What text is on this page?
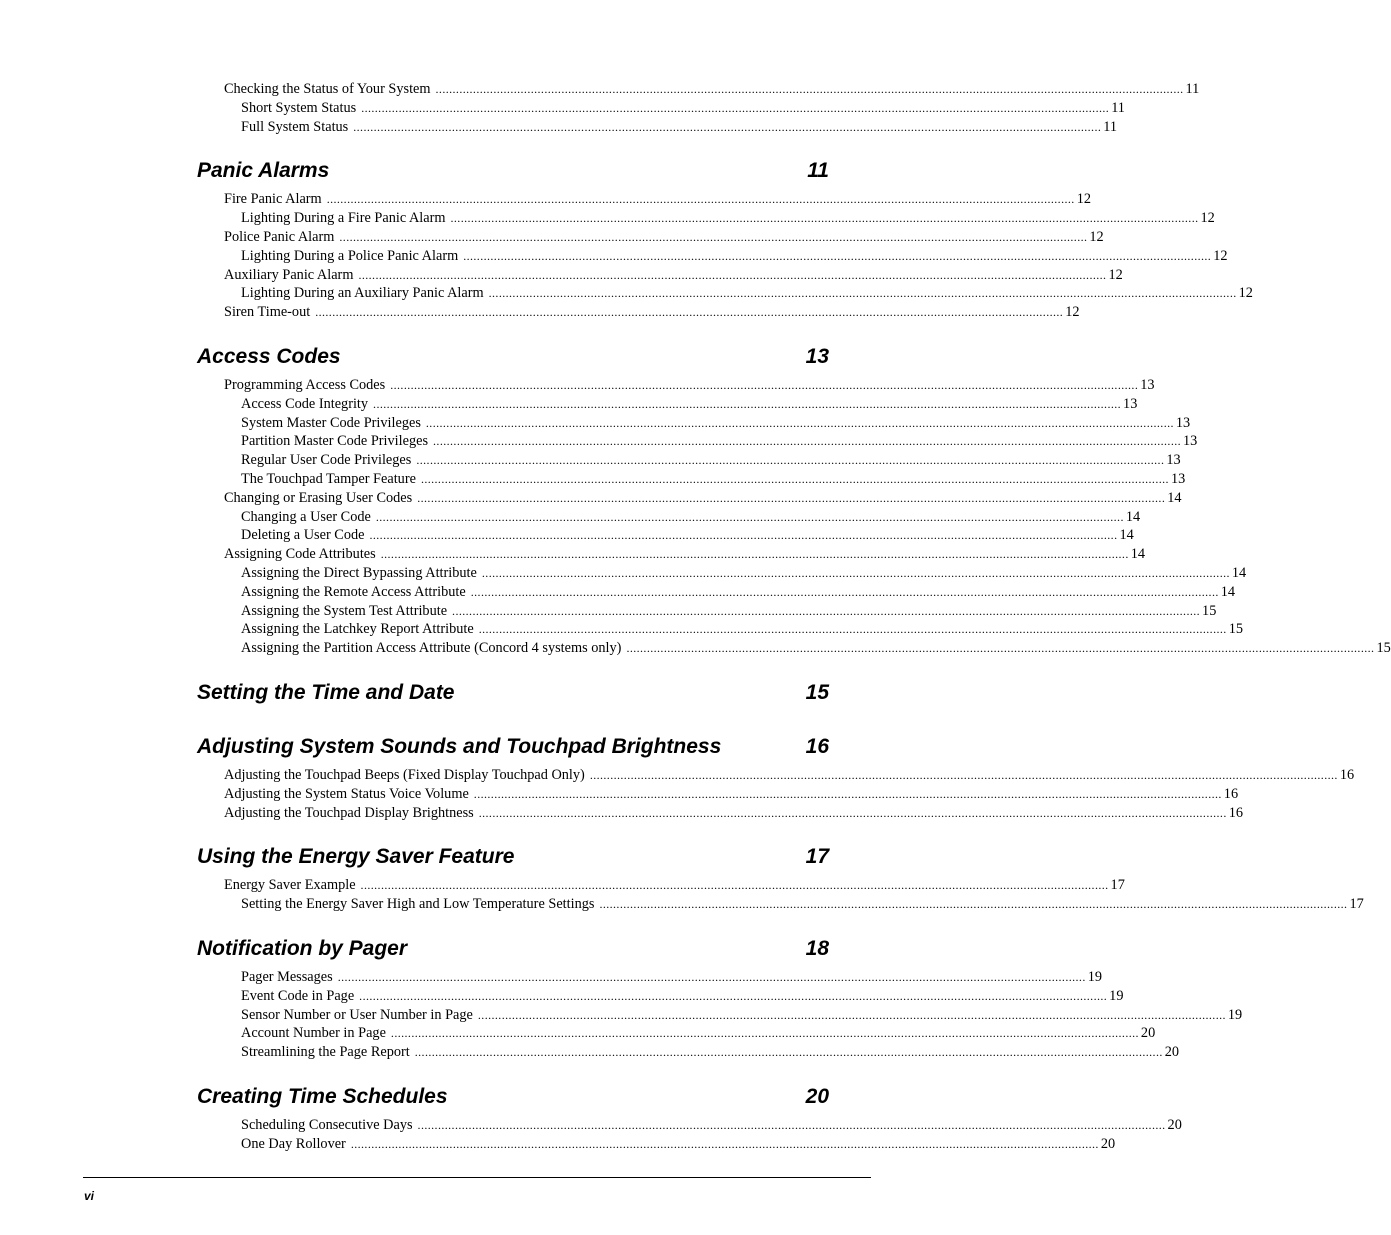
Checking the Status of Your System ............................................................................................................................................................................................................................ 11
Short System Status ............................................................................................................................................................................................................................ 11
Full System Status ............................................................................................................................................................................................................................ 11
Panic Alarms	11
Fire Panic Alarm ............................................................................................................................................................................................................................ 12
Lighting During a Fire Panic Alarm ............................................................................................................................................................................................................................ 12
Police Panic Alarm ............................................................................................................................................................................................................................ 12
Lighting During a Police Panic Alarm ............................................................................................................................................................................................................................ 12
Auxiliary Panic Alarm ............................................................................................................................................................................................................................ 12
Lighting During an Auxiliary Panic Alarm ............................................................................................................................................................................................................................ 12
Siren Time-out ............................................................................................................................................................................................................................ 12
Access Codes	13
Programming Access Codes ............................................................................................................................................................................................................................ 13
Access Code Integrity ............................................................................................................................................................................................................................ 13
System Master Code Privileges ............................................................................................................................................................................................................................ 13
Partition Master Code Privileges ............................................................................................................................................................................................................................ 13
Regular User Code Privileges ............................................................................................................................................................................................................................ 13
The Touchpad Tamper Feature ............................................................................................................................................................................................................................ 13
Changing or Erasing User Codes ............................................................................................................................................................................................................................ 14
Changing a User Code ............................................................................................................................................................................................................................ 14
Deleting a User Code ............................................................................................................................................................................................................................ 14
Assigning Code Attributes ............................................................................................................................................................................................................................ 14
Assigning the Direct Bypassing Attribute ............................................................................................................................................................................................................................ 14
Assigning the Remote Access Attribute ............................................................................................................................................................................................................................ 14
Assigning the System Test Attribute ............................................................................................................................................................................................................................ 15
Assigning the Latchkey Report Attribute ............................................................................................................................................................................................................................ 15
Assigning the Partition Access Attribute (Concord 4 systems only) ............................................................................................................................................................................................................................ 15
Setting the Time and Date	15
Adjusting System Sounds and Touchpad Brightness	16
Adjusting the Touchpad Beeps (Fixed Display Touchpad Only) ............................................................................................................................................................................................................................ 16
Adjusting the System Status Voice Volume ............................................................................................................................................................................................................................ 16
Adjusting the Touchpad Display Brightness ............................................................................................................................................................................................................................ 16
Using the Energy Saver Feature	17
Energy Saver Example ............................................................................................................................................................................................................................ 17
Setting the Energy Saver High and Low Temperature Settings ............................................................................................................................................................................................................................ 17
Notification by Pager	18
Pager Messages ............................................................................................................................................................................................................................ 19
Event Code in Page ............................................................................................................................................................................................................................ 19
Sensor Number or User Number in Page ............................................................................................................................................................................................................................ 19
Account Number in Page ............................................................................................................................................................................................................................ 20
Streamlining the Page Report ............................................................................................................................................................................................................................ 20
Creating Time Schedules	20
Scheduling Consecutive Days ............................................................................................................................................................................................................................ 20
One Day Rollover ............................................................................................................................................................................................................................ 20
vi
